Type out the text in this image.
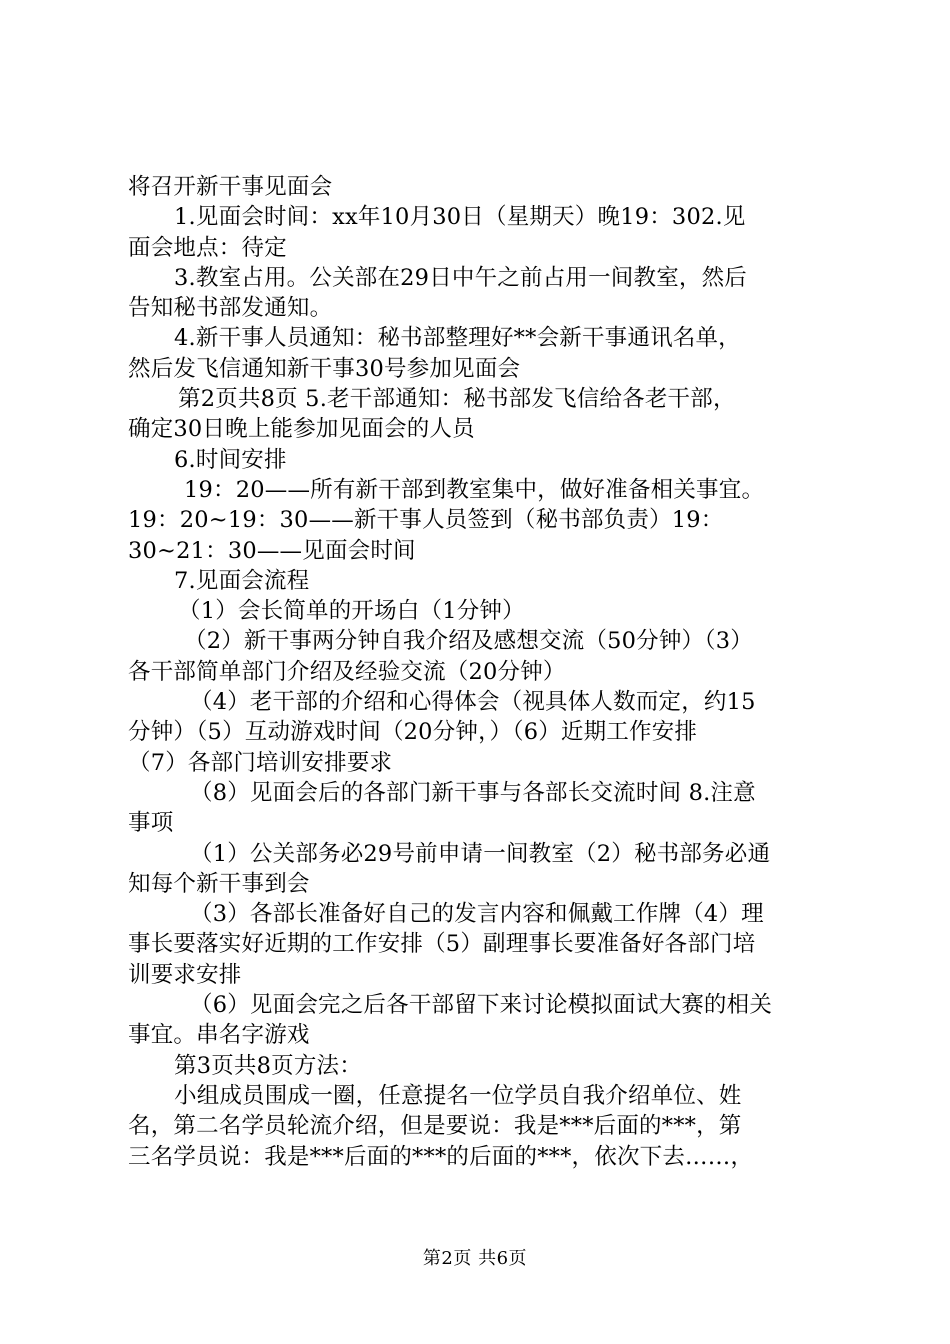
将召开新干事见面会
1.见面会时间：xx年10月30日（星期天）晚19：302.见
面会地点：待定
3.教室占用。公关部在29日中午之前占用一间教室，然后
告知秘书部发通知。
4.新干事人员通知：秘书部整理好**会新干事通讯名单，
然后发飞信通知新干事30号参加见面会
第2页共8页 5.老干部通知：秘书部发飞信给各老干部，
确定30日晚上能参加见面会的人员
6.时间安排
19：20——所有新干部到教室集中，做好准备相关事宜。
19：20~19：30——新干事人员签到（秘书部负责）19：
30~21：30——见面会时间
7.见面会流程
（1）会长简单的开场白（1分钟）
（2）新干事两分钟自我介绍及感想交流（50分钟）（3）
各干部简单部门介绍及经验交流（20分钟）
（4）老干部的介绍和心得体会（视具体人数而定，约15
分钟）（5）互动游戏时间（20分钟，）（6）近期工作安排
（7）各部门培训安排要求
（8）见面会后的各部门新干事与各部长交流时间 8.注意
事项
（1）公关部务必29号前申请一间教室（2）秘书部务必通
知每个新干事到会
（3）各部长准备好自己的发言内容和佩戴工作牌（4）理
事长要落实好近期的工作安排（5）副理事长要准备好各部门培
训要求安排
（6）见面会完之后各干部留下来讨论模拟面试大赛的相关
事宜。串名字游戏
第3页共8页方法：
小组成员围成一圈，任意提名一位学员自我介绍单位、姓
名，第二名学员轮流介绍，但是要说：我是***后面的***，第
三名学员说：我是***后面的***的后面的***，依次下去……，
第2页 共6页
